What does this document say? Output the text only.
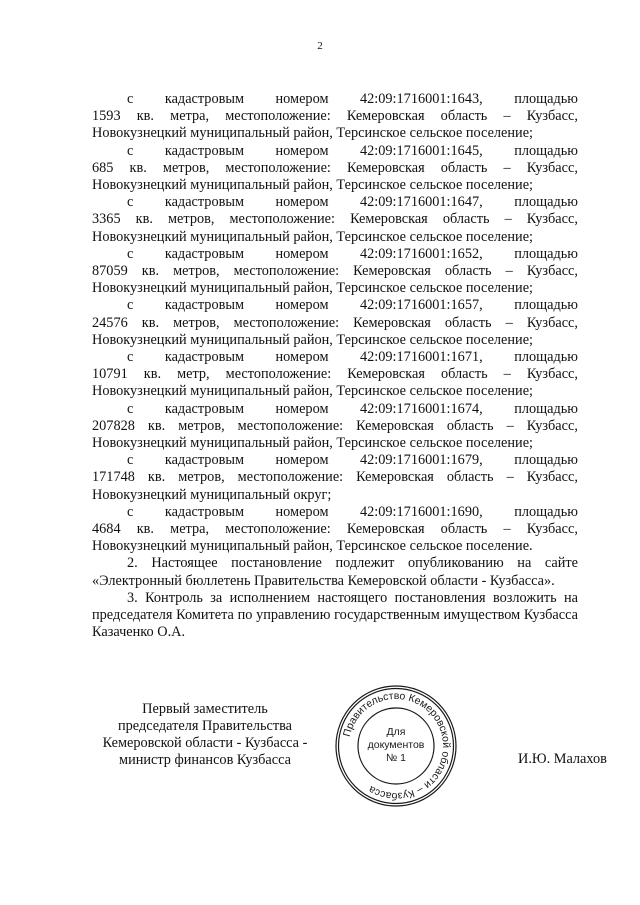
2
с кадастровым номером 42:09:1716001:1643, площадью
1593 кв. метра, местоположение: Кемеровская область – Кузбасс,
Новокузнецкий муниципальный район, Терсинское сельское поселение;
с кадастровым номером 42:09:1716001:1645, площадью
685 кв. метров, местоположение: Кемеровская область – Кузбасс,
Новокузнецкий муниципальный район, Терсинское сельское поселение;
с кадастровым номером 42:09:1716001:1647, площадью
3365 кв. метров, местоположение: Кемеровская область – Кузбасс,
Новокузнецкий муниципальный район, Терсинское сельское поселение;
с кадастровым номером 42:09:1716001:1652, площадью
87059 кв. метров, местоположение: Кемеровская область – Кузбасс,
Новокузнецкий муниципальный район, Терсинское сельское поселение;
с кадастровым номером 42:09:1716001:1657, площадью
24576 кв. метров, местоположение: Кемеровская область – Кузбасс,
Новокузнецкий муниципальный район, Терсинское сельское поселение;
с кадастровым номером 42:09:1716001:1671, площадью
10791 кв. метр, местоположение: Кемеровская область – Кузбасс,
Новокузнецкий муниципальный район, Терсинское сельское поселение;
с кадастровым номером 42:09:1716001:1674, площадью
207828 кв. метров, местоположение: Кемеровская область – Кузбасс,
Новокузнецкий муниципальный район, Терсинское сельское поселение;
с кадастровым номером 42:09:1716001:1679, площадью
171748 кв. метров, местоположение: Кемеровская область – Кузбасс,
Новокузнецкий муниципальный округ;
с кадастровым номером 42:09:1716001:1690, площадью
4684 кв. метра, местоположение: Кемеровская область – Кузбасс,
Новокузнецкий муниципальный район, Терсинское сельское поселение.

2. Настоящее постановление подлежит опубликованию на сайте «Электронный бюллетень Правительства Кемеровской области - Кузбасса».

3. Контроль за исполнением настоящего постановления возложить на председателя Комитета по управлению государственным имуществом Кузбасса Казаченко О.А.

Первый заместитель
председателя Правительства
Кемеровской области - Кузбасса -
министр финансов Кузбасса
Правительство Кемеровской области – Кузбасса
Для
документов
№ 1	И.Ю. Малахов
